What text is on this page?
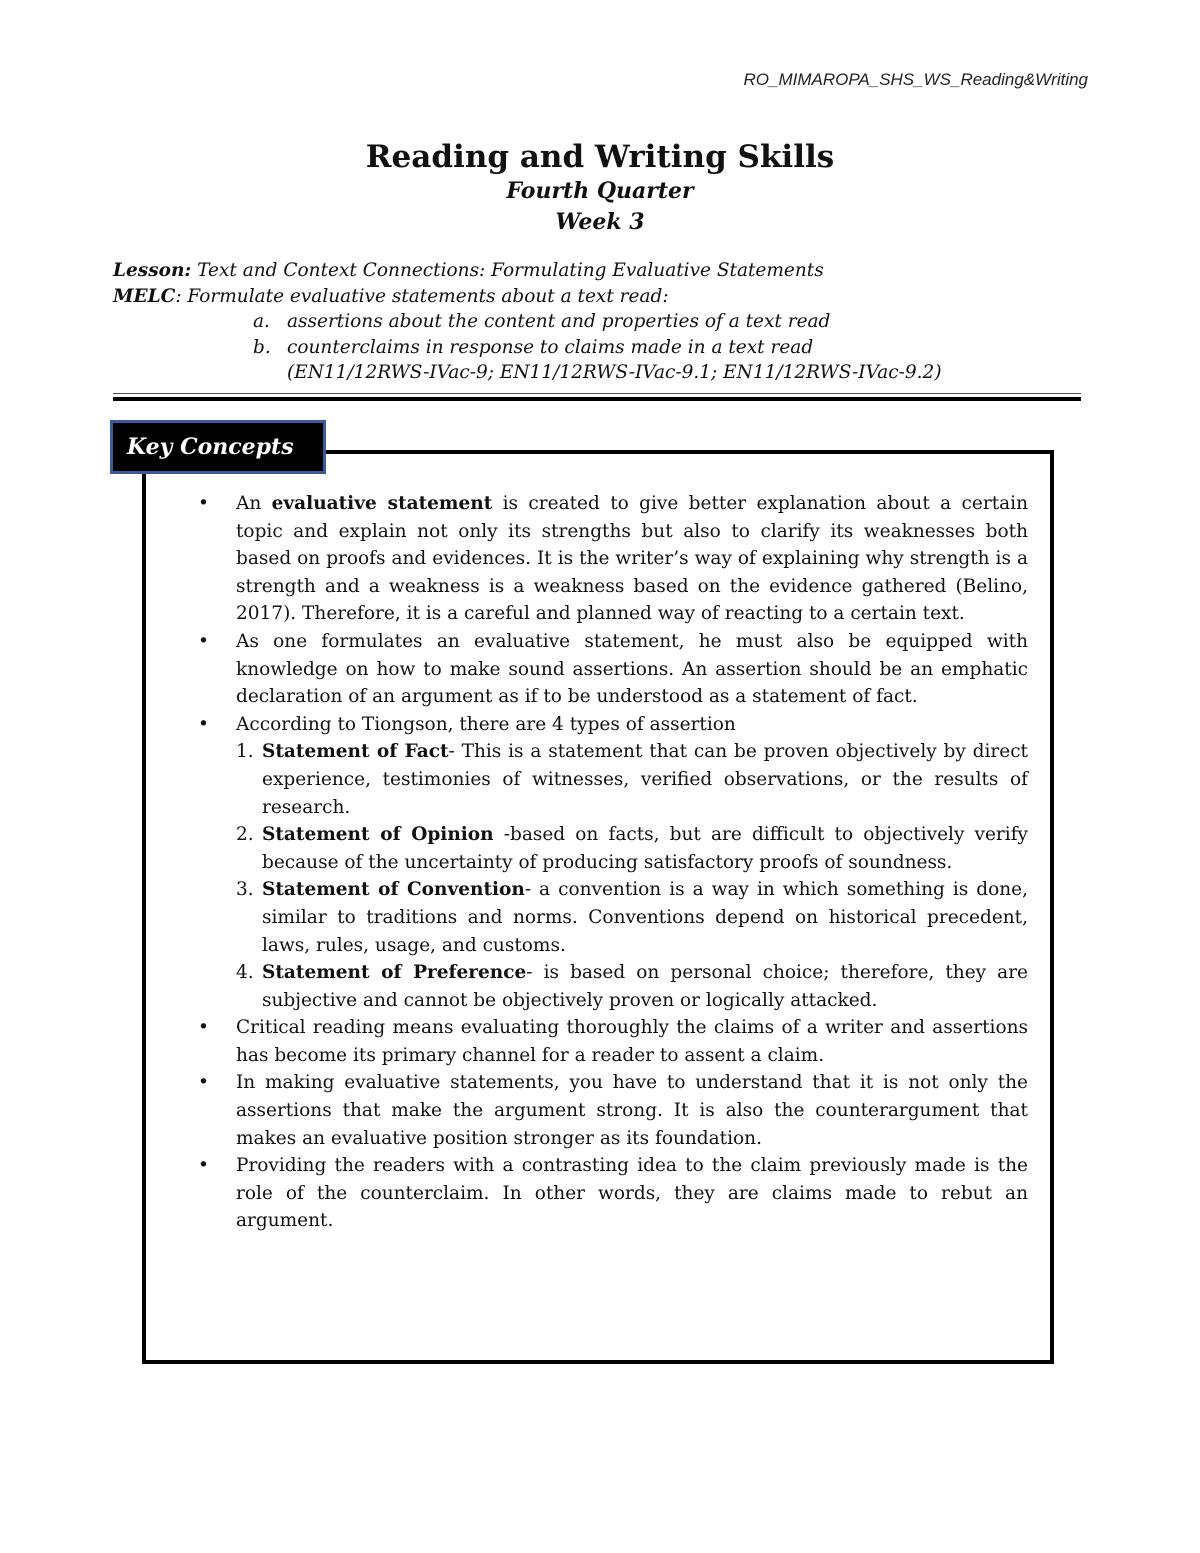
RO_MIMAROPA_SHS_WS_Reading&Writing
Reading and Writing Skills
Fourth Quarter
Week 3
Lesson: Text and Context Connections: Formulating Evaluative Statements
MELC: Formulate evaluative statements about a text read:
a. assertions about the content and properties of a text read
b. counterclaims in response to claims made in a text read
(EN11/12RWS-IVac-9; EN11/12RWS-IVac-9.1; EN11/12RWS-IVac-9.2)
Key Concepts
• An evaluative statement is created to give better explanation about a certain topic and explain not only its strengths but also to clarify its weaknesses both based on proofs and evidences. It is the writer’s way of explaining why strength is a strength and a weakness is a weakness based on the evidence gathered (Belino, 2017). Therefore, it is a careful and planned way of reacting to a certain text.
• As one formulates an evaluative statement, he must also be equipped with knowledge on how to make sound assertions. An assertion should be an emphatic declaration of an argument as if to be understood as a statement of fact.
• According to Tiongson, there are 4 types of assertion
1. Statement of Fact- This is a statement that can be proven objectively by direct experience, testimonies of witnesses, verified observations, or the results of research.
2. Statement of Opinion -based on facts, but are difficult to objectively verify because of the uncertainty of producing satisfactory proofs of soundness.
3. Statement of Convention- a convention is a way in which something is done, similar to traditions and norms. Conventions depend on historical precedent, laws, rules, usage, and customs.
4. Statement of Preference- is based on personal choice; therefore, they are subjective and cannot be objectively proven or logically attacked.
• Critical reading means evaluating thoroughly the claims of a writer and assertions has become its primary channel for a reader to assent a claim.
• In making evaluative statements, you have to understand that it is not only the assertions that make the argument strong. It is also the counterargument that makes an evaluative position stronger as its foundation.
• Providing the readers with a contrasting idea to the claim previously made is the role of the counterclaim. In other words, they are claims made to rebut an argument.
